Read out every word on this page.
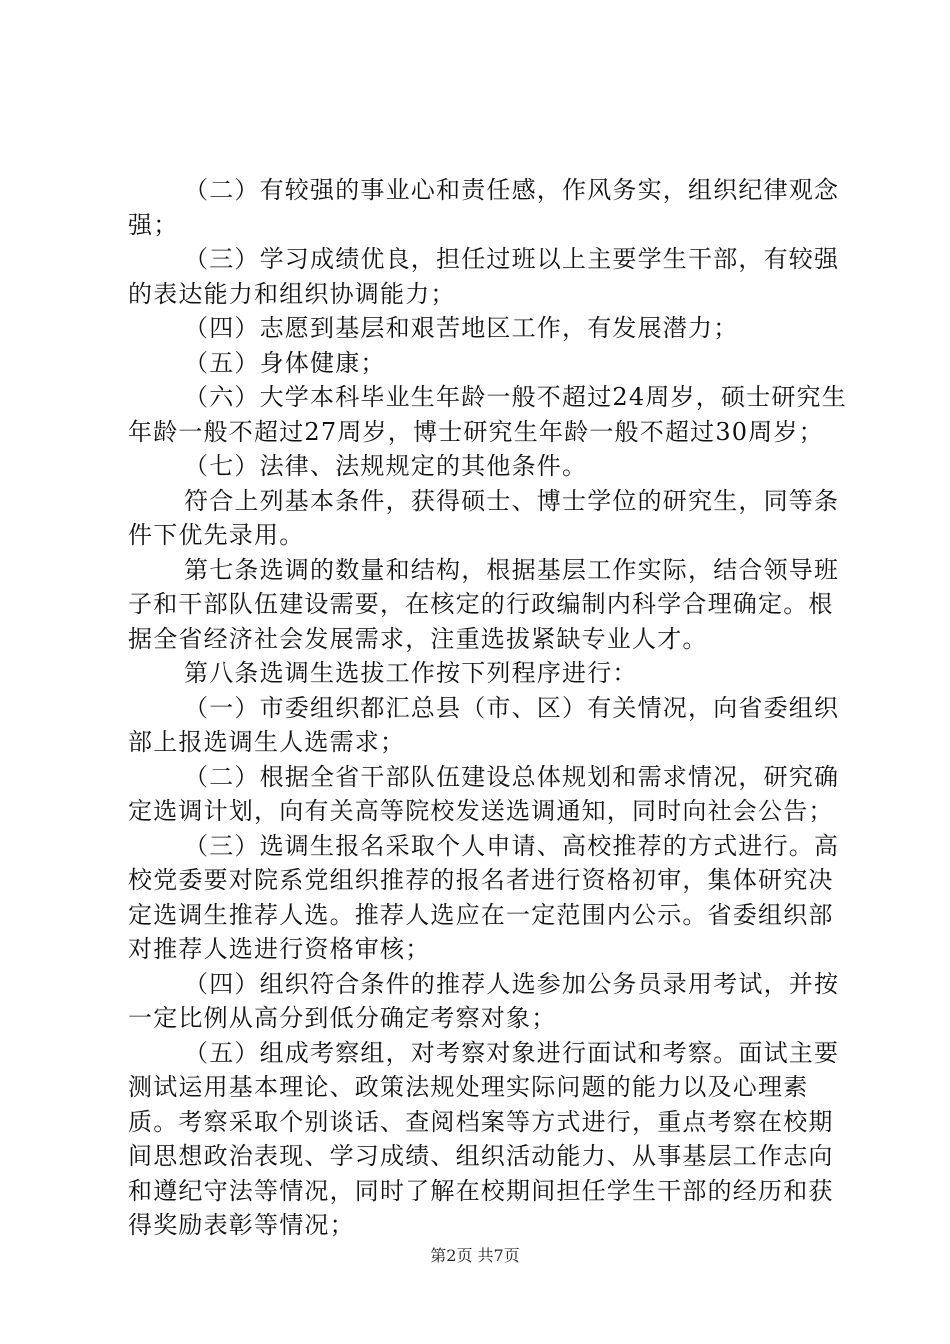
（二）有较强的事业心和责任感，作风务实，组织纪律观念强；

（三）学习成绩优良，担任过班以上主要学生干部，有较强的表达能力和组织协调能力；

（四）志愿到基层和艰苦地区工作，有发展潜力；

（五）身体健康；

（六）大学本科毕业生年龄一般不超过24周岁，硕士研究生年龄一般不超过27周岁，博士研究生年龄一般不超过30周岁；

（七）法律、法规规定的其他条件。

符合上列基本条件，获得硕士、博士学位的研究生，同等条件下优先录用。

第七条选调的数量和结构，根据基层工作实际，结合领导班子和干部队伍建设需要，在核定的行政编制内科学合理确定。根据全省经济社会发展需求，注重选拔紧缺专业人才。

第八条选调生选拔工作按下列程序进行：

（一）市委组织都汇总县（市、区）有关情况，向省委组织部上报选调生人选需求；

（二）根据全省干部队伍建设总体规划和需求情况，研究确定选调计划，向有关高等院校发送选调通知，同时向社会公告；

（三）选调生报名采取个人申请、高校推荐的方式进行。高校党委要对院系党组织推荐的报名者进行资格初审，集体研究决定选调生推荐人选。推荐人选应在一定范围内公示。省委组织部对推荐人选进行资格审核；

（四）组织符合条件的推荐人选参加公务员录用考试，并按一定比例从高分到低分确定考察对象；

（五）组成考察组，对考察对象进行面试和考察。面试主要测试运用基本理论、政策法规处理实际问题的能力以及心理素质。考察采取个别谈话、查阅档案等方式进行，重点考察在校期间思想政治表现、学习成绩、组织活动能力、从事基层工作志向和遵纪守法等情况，同时了解在校期间担任学生干部的经历和获得奖励表彰等情况；

第2页 共7页
